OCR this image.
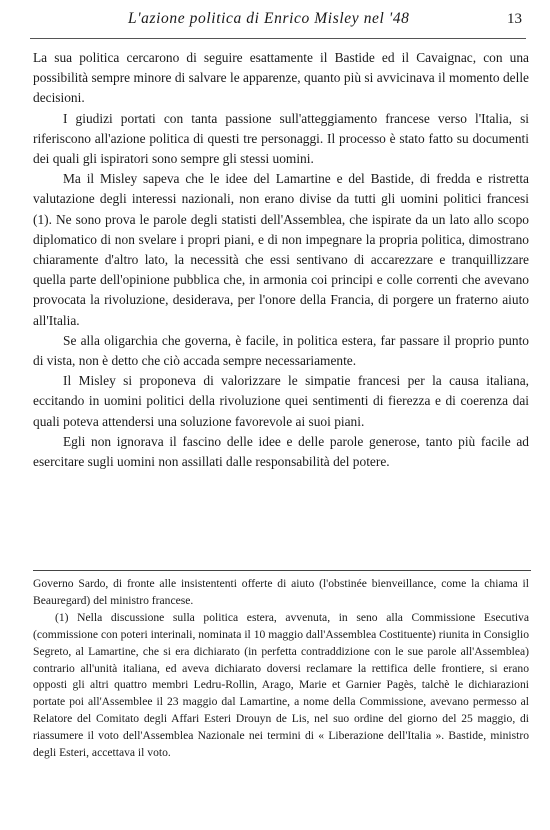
L'azione politica di Enrico Misley nel '48	13

La sua politica cercarono di seguire esattamente il Bastide ed il Cavaignac, con una possibilità sempre minore di salvare le apparenze, quanto più si avvicinava il momento delle decisioni.

I giudizi portati con tanta passione sull'atteggiamento francese verso l'Italia, si riferiscono all'azione politica di questi tre personaggi. Il processo è stato fatto su documenti dei quali gli ispiratori sono sempre gli stessi uomini.

Ma il Misley sapeva che le idee del Lamartine e del Bastide, di fredda e ristretta valutazione degli interessi nazionali, non erano divise da tutti gli uomini politici francesi (1). Ne sono prova le parole degli statisti dell'Assemblea, che ispirate da un lato allo scopo diplomatico di non svelare i propri piani, e di non impegnare la propria politica, dimostrano chiaramente d'altro lato, la necessità che essi sentivano di accarezzare e tranquillizzare quella parte dell'opinione pubblica che, in armonia coi principi e colle correnti che avevano provocata la rivoluzione, desiderava, per l'onore della Francia, di porgere un fraterno aiuto all'Italia.

Se alla oligarchia che governa, è facile, in politica estera, far passare il proprio punto di vista, non è detto che ciò accada sempre necessariamente.

Il Misley si proponeva di valorizzare le simpatie francesi per la causa italiana, eccitando in uomini politici della rivoluzione quei sentimenti di fierezza e di coerenza dai quali poteva attendersi una soluzione favorevole ai suoi piani.

Egli non ignorava il fascino delle idee e delle parole generose, tanto più facile ad esercitare sugli uomini non assillati dalle responsabilità del potere.

Governo Sardo, di fronte alle insistententi offerte di aiuto (l'obstinée bienveillance, come la chiama il Beauregard) del ministro francese.

(1) Nella discussione sulla politica estera, avvenuta, in seno alla Commissione Esecutiva (commissione con poteri interinali, nominata il 10 maggio dall'Assemblea Costituente) riunita in Consiglio Segreto, al Lamartine, che si era dichiarato (in perfetta contraddizione con le sue parole all'Assemblea) contrario all'unità italiana, ed aveva dichiarato doversi reclamare la rettifica delle frontiere, si erano opposti gli altri quattro membri Ledru-Rollin, Arago, Marie et Garnier Pagès, talchè le dichiarazioni portate poi all'Assemblee il 23 maggio dal Lamartine, a nome della Commissione, avevano permesso al Relatore del Comitato degli Affari Esteri Drouyn de Lis, nel suo ordine del giorno del 25 maggio, di riassumere il voto dell'Assemblea Nazionale nei termini di « Liberazione dell'Italia ». Bastide, ministro degli Esteri, accettava il voto.
